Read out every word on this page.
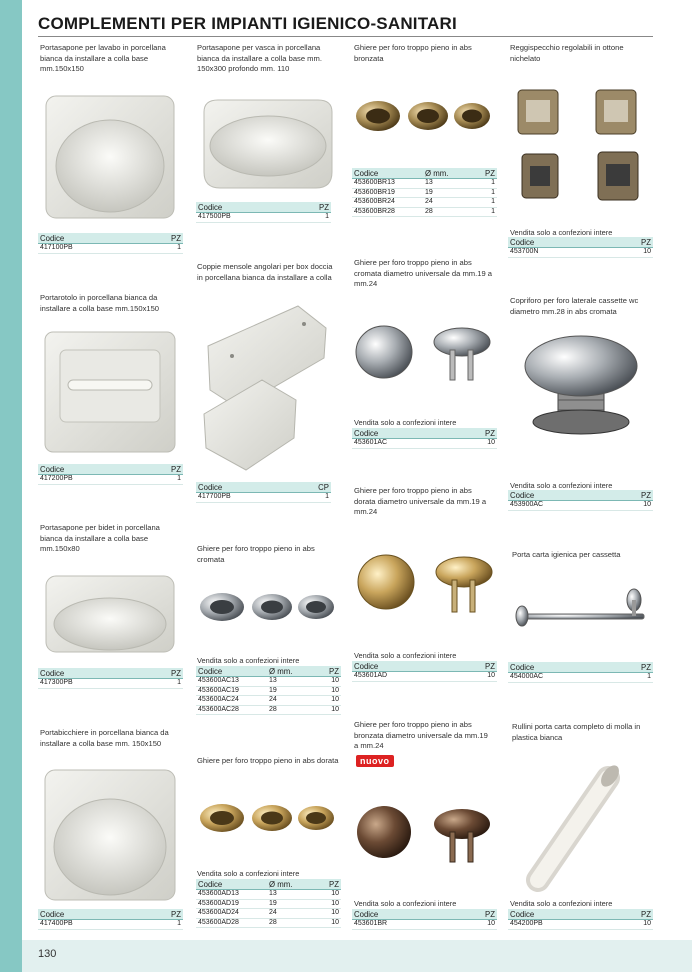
130
COMPLEMENTI PER IMPIANTI IGIENICO-SANITARI
Portasapone per lavabo in porcellana bianca da installare a colla base mm.150x150
Codice	PZ
417100PB	1
Portarotolo in porcellana bianca da installare a colla base mm.150x150
Codice	PZ
417200PB	1
Portasapone per bidet in porcellana bianca da installare a colla base mm.150x80
Codice	PZ
417300PB	1
Portabicchiere in porcellana bianca da installare a colla base mm. 150x150
Codice	PZ
417400PB	1
Portasapone per vasca in porcellana bianca da installare a colla base mm. 150x300 profondo mm. 110
Codice	PZ
417500PB	1
Coppie mensole angolari per box doccia in porcellana bianca da installare a colla
Codice	CP
417700PB	1
Ghiere per foro troppo pieno in abs cromata
Vendita solo a confezioni intere
Codice	Ø mm.	PZ
453600AC13	13	10
453600AC19	19	10
453600AC24	24	10
453600AC28	28	10
Ghiere per foro troppo pieno in abs dorata
Vendita solo a confezioni intere
Codice	Ø mm.	PZ
453600AD13	13	10
453600AD19	19	10
453600AD24	24	10
453600AD28	28	10
Ghiere per foro troppo pieno in abs bronzata
Codice	Ø mm.	PZ
453600BR13	13	1
453600BR19	19	1
453600BR24	24	1
453600BR28	28	1
Ghiere per foro troppo pieno in abs cromata diametro universale da mm.19 a mm.24
Vendita solo a confezioni intere
Codice	PZ
453601AC	10
Ghiere per foro troppo pieno in abs dorata diametro universale da mm.19 a mm.24
Vendita solo a confezioni intere
Codice	PZ
453601AD	10
Ghiere per foro troppo pieno in abs bronzata diametro universale da mm.19 a mm.24
nuovo
Vendita solo a confezioni intere
Codice	PZ
453601BR	10
Reggispecchio regolabili in ottone nichelato
Vendita solo a confezioni intere
Codice	PZ
453700N	10
Copriforo per foro laterale cassette wc diametro mm.28 in abs cromata
Vendita solo a confezioni intere
Codice	PZ
453900AC	10
Porta carta igienica per cassetta
Codice	PZ
454000AC	1
Rullini porta carta completo di molla in plastica bianca
Vendita solo a confezioni intere
Codice	PZ
454200PB	10
